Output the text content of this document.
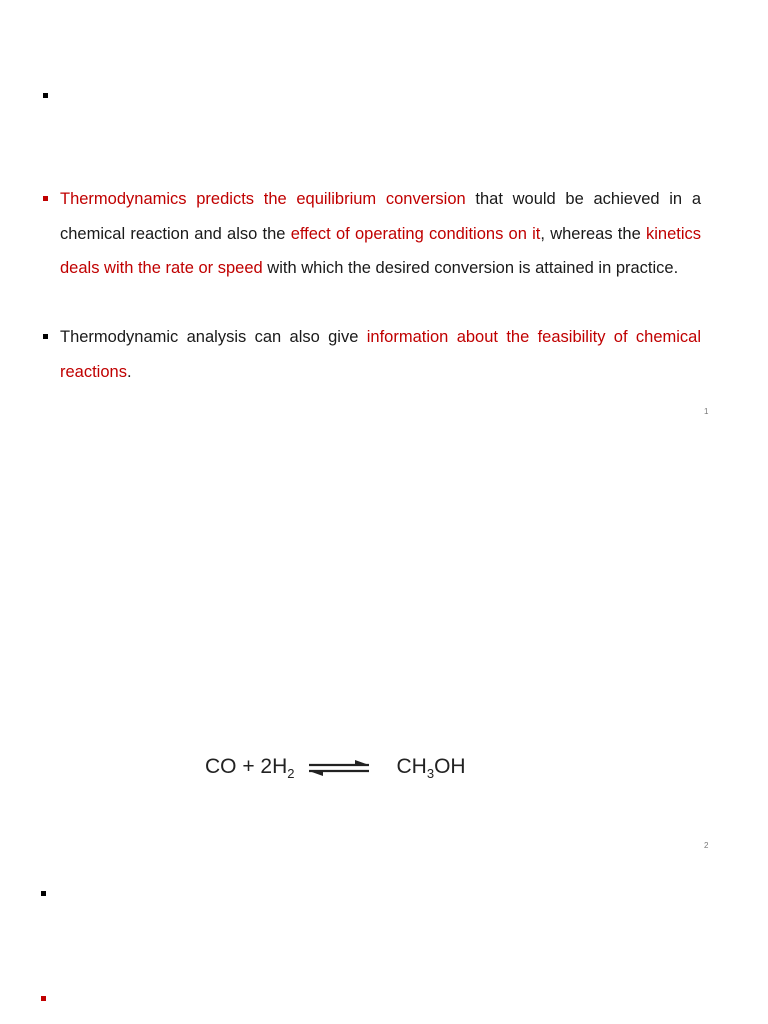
Thermodynamics predicts the equilibrium conversion that would be achieved in a chemical reaction and also the effect of operating conditions on it, whereas the kinetics deals with the rate or speed with which the desired conversion is attained in practice.

Thermodynamic analysis can also give information about the feasibility of chemical reactions.

1
CO + $2H_2$ ⇌ $CH_3OH$
2
